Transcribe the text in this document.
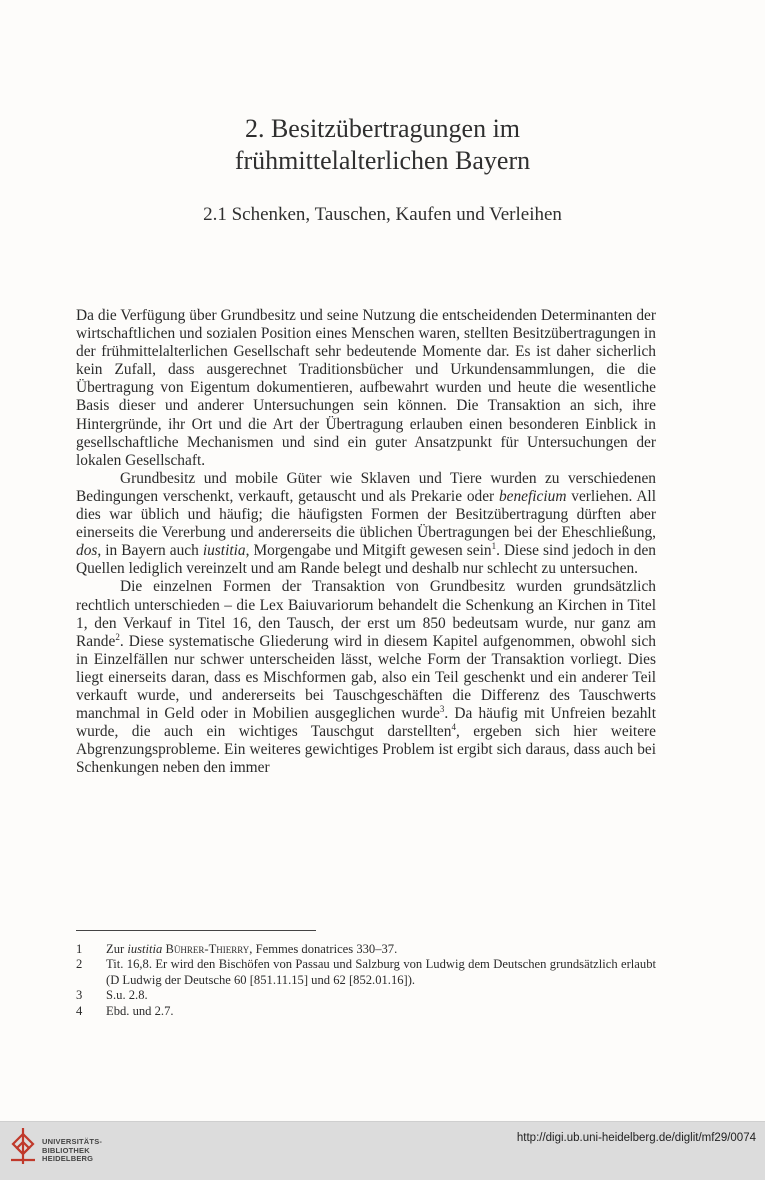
2. Besitzübertragungen im
frühmittelalterlichen Bayern
2.1 Schenken, Tauschen, Kaufen und Verleihen

Da die Verfügung über Grundbesitz und seine Nutzung die entscheidenden Determinanten der wirtschaftlichen und sozialen Position eines Menschen waren, stellten Besitzübertragungen in der frühmittelalterlichen Gesellschaft sehr bedeutende Momente dar. Es ist daher sicherlich kein Zufall, dass ausgerechnet Traditionsbücher und Urkundensammlungen, die die Übertragung von Eigentum dokumentieren, aufbewahrt wurden und heute die wesentliche Basis dieser und anderer Untersuchungen sein können. Die Transaktion an sich, ihre Hintergründe, ihr Ort und die Art der Übertragung erlauben einen besonderen Einblick in gesellschaftliche Mechanismen und sind ein guter Ansatzpunkt für Untersuchungen der lokalen Gesellschaft.

Grundbesitz und mobile Güter wie Sklaven und Tiere wurden zu verschiedenen Bedingungen verschenkt, verkauft, getauscht und als Prekarie oder beneficium verliehen. All dies war üblich und häufig; die häufigsten Formen der Besitzübertragung dürften aber einerseits die Vererbung und andererseits die üblichen Übertragungen bei der Eheschließung, dos, in Bayern auch iustitia, Morgengabe und Mitgift gewesen sein$^1$. Diese sind jedoch in den Quellen lediglich vereinzelt und am Rande belegt und deshalb nur schlecht zu untersuchen.

Die einzelnen Formen der Transaktion von Grundbesitz wurden grundsätzlich rechtlich unterschieden – die Lex Baiuvariorum behandelt die Schenkung an Kirchen in Titel 1, den Verkauf in Titel 16, den Tausch, der erst um 850 bedeutsam wurde, nur ganz am Rande$^2$. Diese systematische Gliederung wird in diesem Kapitel aufgenommen, obwohl sich in Einzelfällen nur schwer unterscheiden lässt, welche Form der Transaktion vorliegt. Dies liegt einerseits daran, dass es Mischformen gab, also ein Teil geschenkt und ein anderer Teil verkauft wurde, und andererseits bei Tauschgeschäften die Differenz des Tauschwerts manchmal in Geld oder in Mobilien ausgeglichen wurde$^3$. Da häufig mit Unfreien bezahlt wurde, die auch ein wichtiges Tauschgut darstellten$^4$, ergeben sich hier weitere Abgrenzungsprobleme. Ein weiteres gewichtiges Problem ist ergibt sich daraus, dass auch bei Schenkungen neben den immer

1	Zur iustitia Bührer-Thierry, Femmes donatrices 330–37.
2	Tit. 16,8. Er wird den Bischöfen von Passau und Salzburg von Ludwig dem Deutschen grundsätzlich erlaubt (D Ludwig der Deutsche 60 [851.11.15] und 62 [852.01.16]).
3	S.u. 2.8.
4	Ebd. und 2.7.
UNIVERSITÄTS-
BIBLIOTHEK
HEIDELBERG
http://digi.ub.uni-heidelberg.de/diglit/mf29/0074
